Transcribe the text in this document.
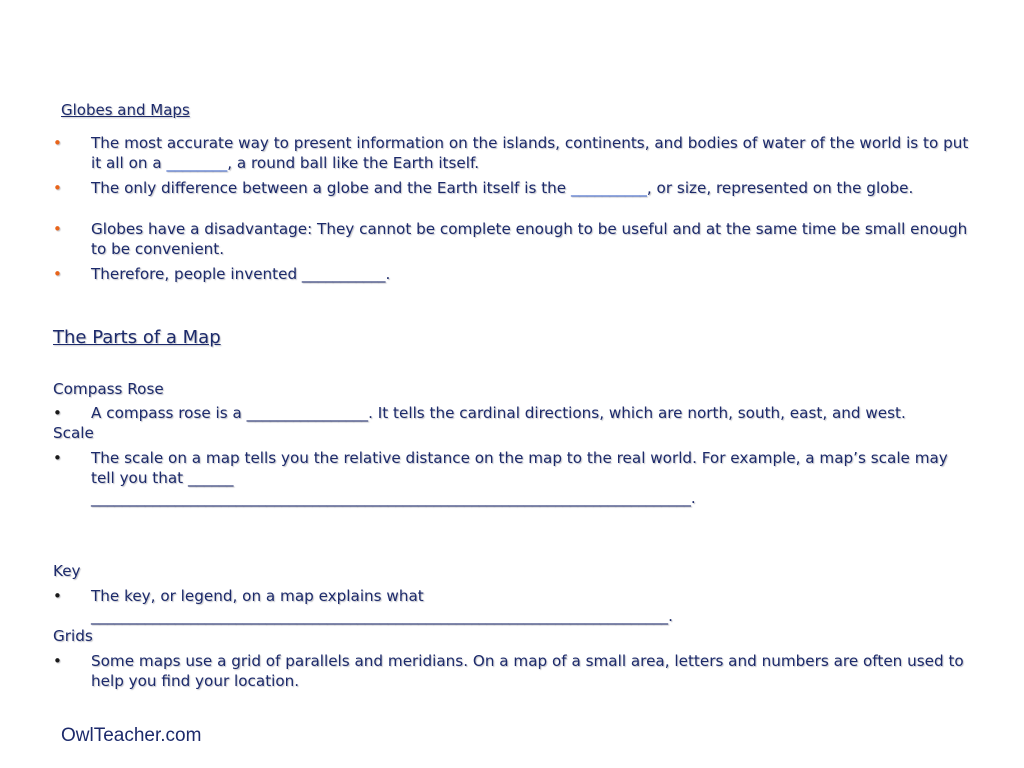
Globes and Maps

•	The most accurate way to present information on the islands, continents, and bodies of water of the world is to put it all on a ________, a round ball like the Earth itself.

•	The only difference between a globe and the Earth itself is the __________, or size, represented on the globe.

•	Globes have a disadvantage: They cannot be complete enough to be useful and at the same time be small enough to be convenient.

•	Therefore, people invented ___________.

The Parts of a Map

Compass Rose

•	A compass rose is a ________________. It tells the cardinal directions, which are north, south, east, and west.

Scale

•	The scale on a map tells you the relative distance on the map to the real world. For example, a map’s scale may tell you that ______
_______________________________________________________________________________.

Key

•	The key, or legend, on a map explains what
____________________________________________________________________________.

Grids

•	Some maps use a grid of parallels and meridians. On a map of a small area, letters and numbers are often used to help you find your location.

OwlTeacher.com
